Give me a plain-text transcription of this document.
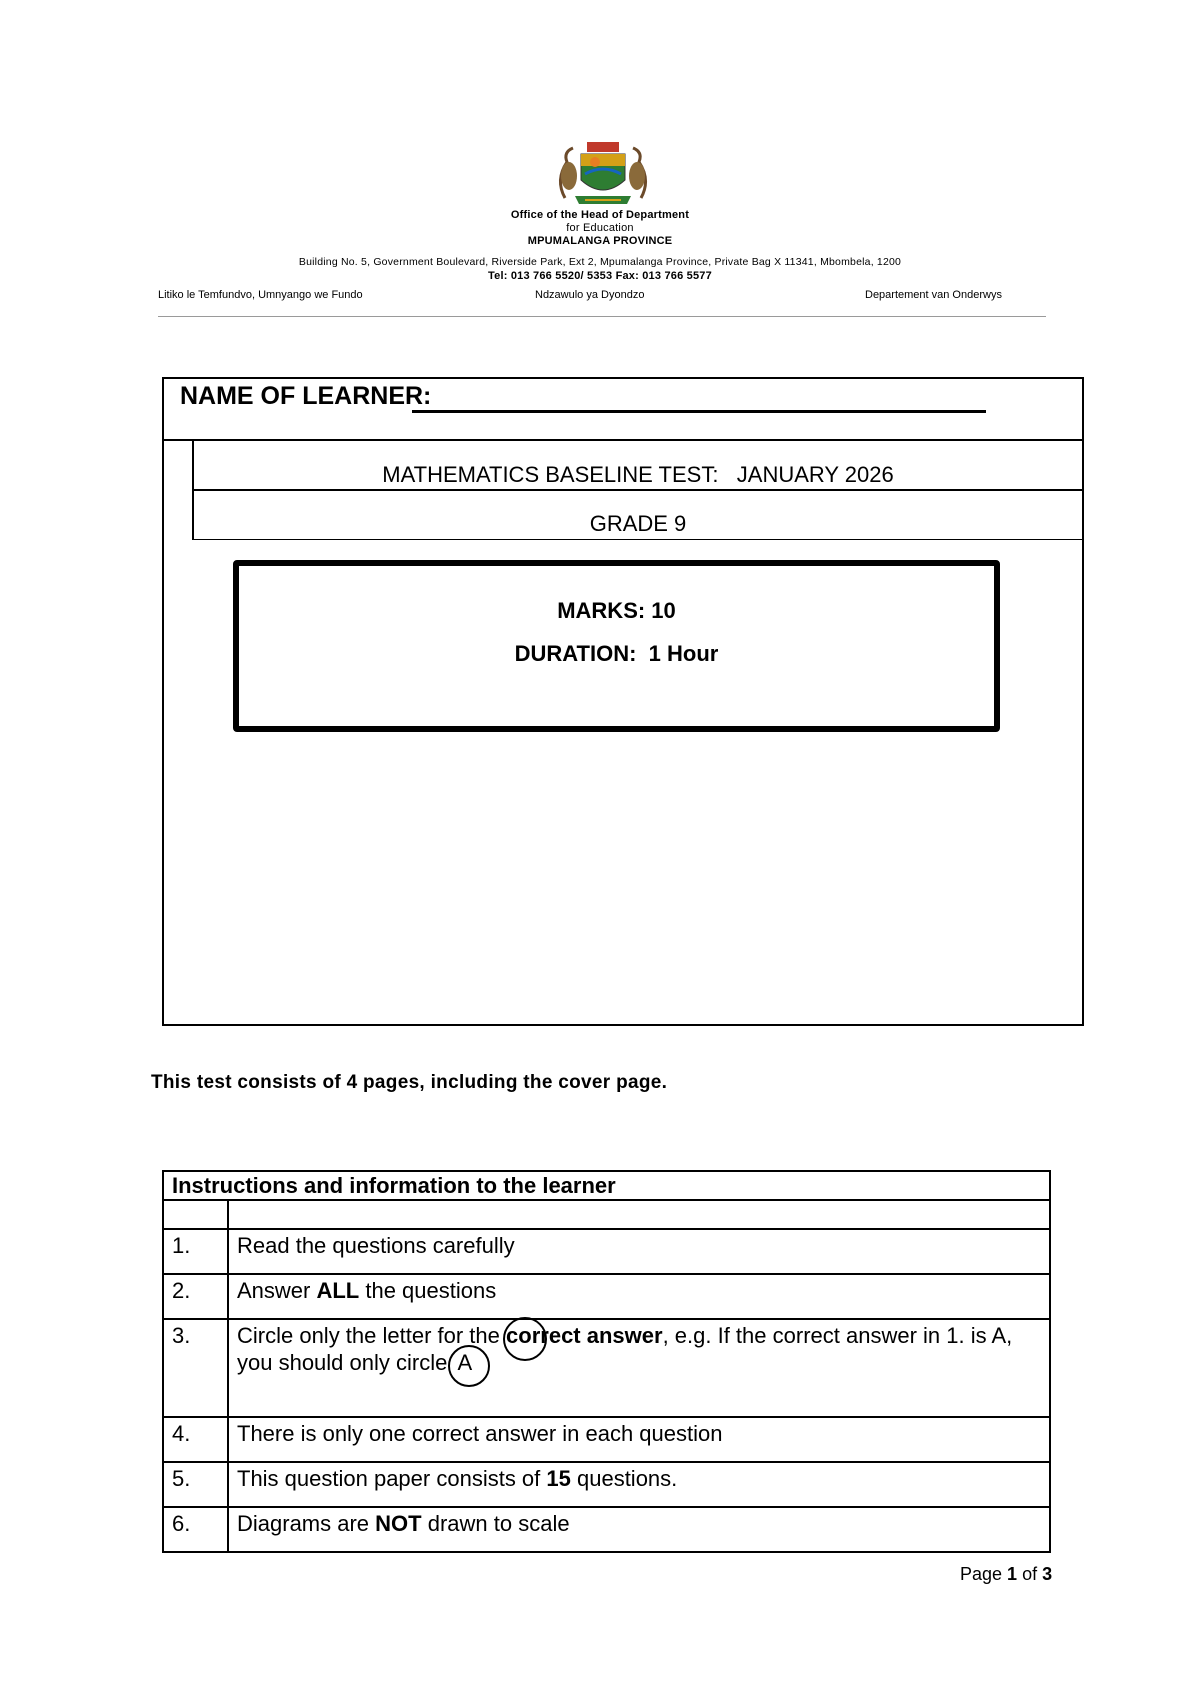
Office of the Head of Department
for Education
MPUMALANGA PROVINCE
Building No. 5, Government Boulevard, Riverside Park, Ext 2, Mpumalanga Province, Private Bag X 11341, Mbombela, 1200
Tel: 013 766 5520/ 5353 Fax: 013 766 5577
Litiko le Temfundvo, Umnyango we Fundo	Ndzawulo ya Dyondzo	Departement van Onderwys
NAME OF LEARNER:
MATHEMATICS BASELINE TEST:   JANUARY 2026
GRADE 9
MARKS: 10
DURATION:  1 Hour
This test consists of 4 pages, including the cover page.
Instructions and information to the learner	

1.	Read the questions carefully
2.	Answer ALL the questions
3.	Circle only the letter for the correct answer, e.g. If the correct answer in 1. is A, you should only circle A
4.	There is only one correct answer in each question
5.	This question paper consists of 15 questions.
6.	Diagrams are NOT drawn to scale
Page 1 of 3
